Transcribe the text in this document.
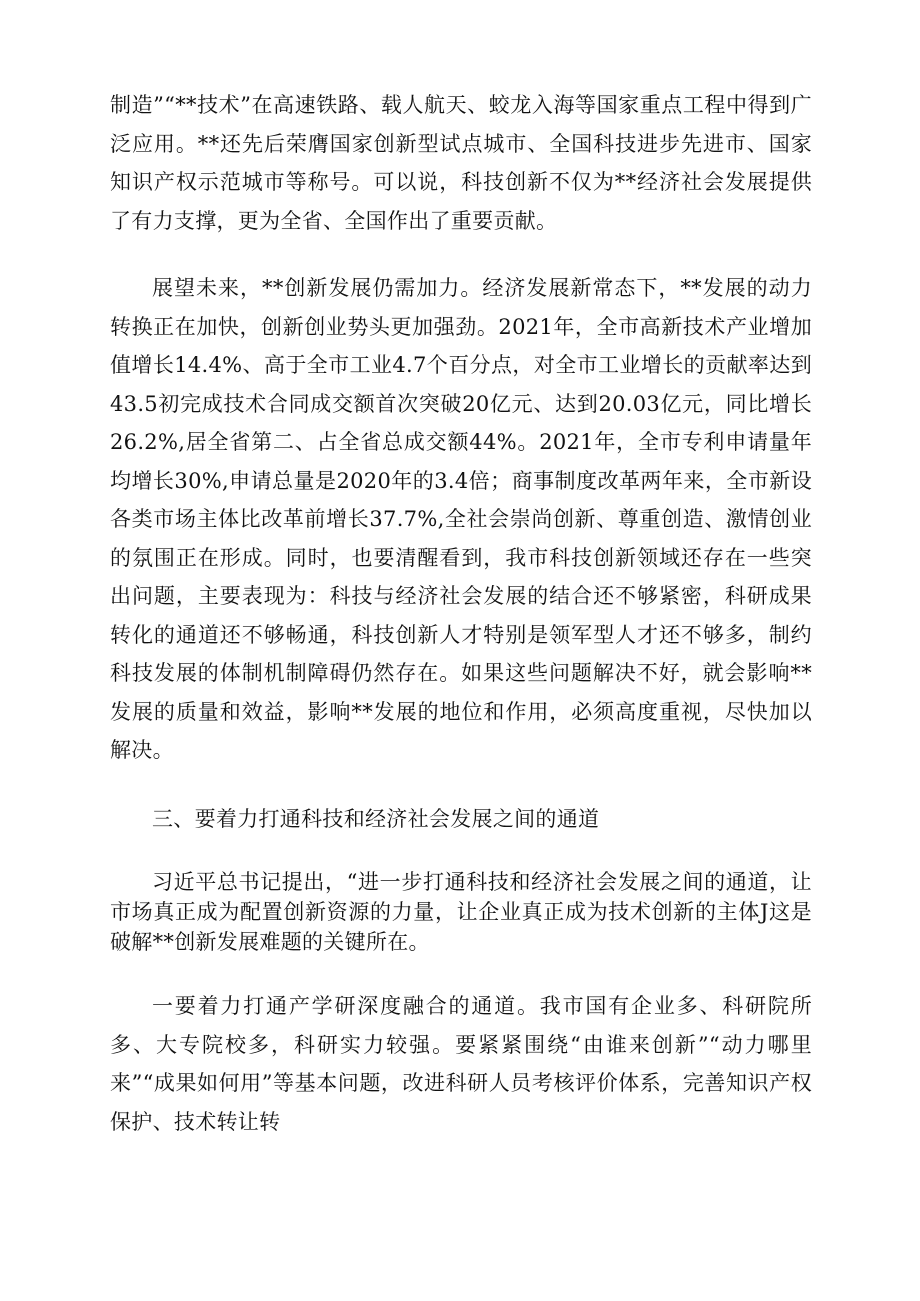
制造”“**技术”在高速铁路、载人航天、蛟龙入海等国家重点工程中得到广泛应用。**还先后荣膺国家创新型试点城市、全国科技进步先进市、国家知识产权示范城市等称号。可以说，科技创新不仅为**经济社会发展提供了有力支撑，更为全省、全国作出了重要贡献。

展望未来，**创新发展仍需加力。经济发展新常态下，**发展的动力转换正在加快，创新创业势头更加强劲。2021年，全市高新技术产业增加值增长14.4%、高于全市工业4.7个百分点，对全市工业增长的贡献率达到43.5初完成技术合同成交额首次突破20亿元、达到20.03亿元，同比增长26.2%,居全省第二、占全省总成交额44%。2021年，全市专利申请量年均增长30%,申请总量是2020年的3.4倍；商事制度改革两年来，全市新设各类市场主体比改革前增长37.7%,全社会崇尚创新、尊重创造、激情创业的氛围正在形成。同时，也要清醒看到，我市科技创新领域还存在一些突出问题，主要表现为：科技与经济社会发展的结合还不够紧密，科研成果转化的通道还不够畅通，科技创新人才特别是领军型人才还不够多，制约科技发展的体制机制障碍仍然存在。如果这些问题解决不好，就会影响**发展的质量和效益，影响**发展的地位和作用，必须高度重视，尽快加以解决。

三、要着力打通科技和经济社会发展之间的通道

习近平总书记提出，“进一步打通科技和经济社会发展之间的通道，让市场真正成为配置创新资源的力量，让企业真正成为技术创新的主体J这是破解**创新发展难题的关键所在。

一要着力打通产学研深度融合的通道。我市国有企业多、科研院所多、大专院校多，科研实力较强。要紧紧围绕“由谁来创新”“动力哪里来”“成果如何用”等基本问题，改进科研人员考核评价体系，完善知识产权保护、技术转让转
